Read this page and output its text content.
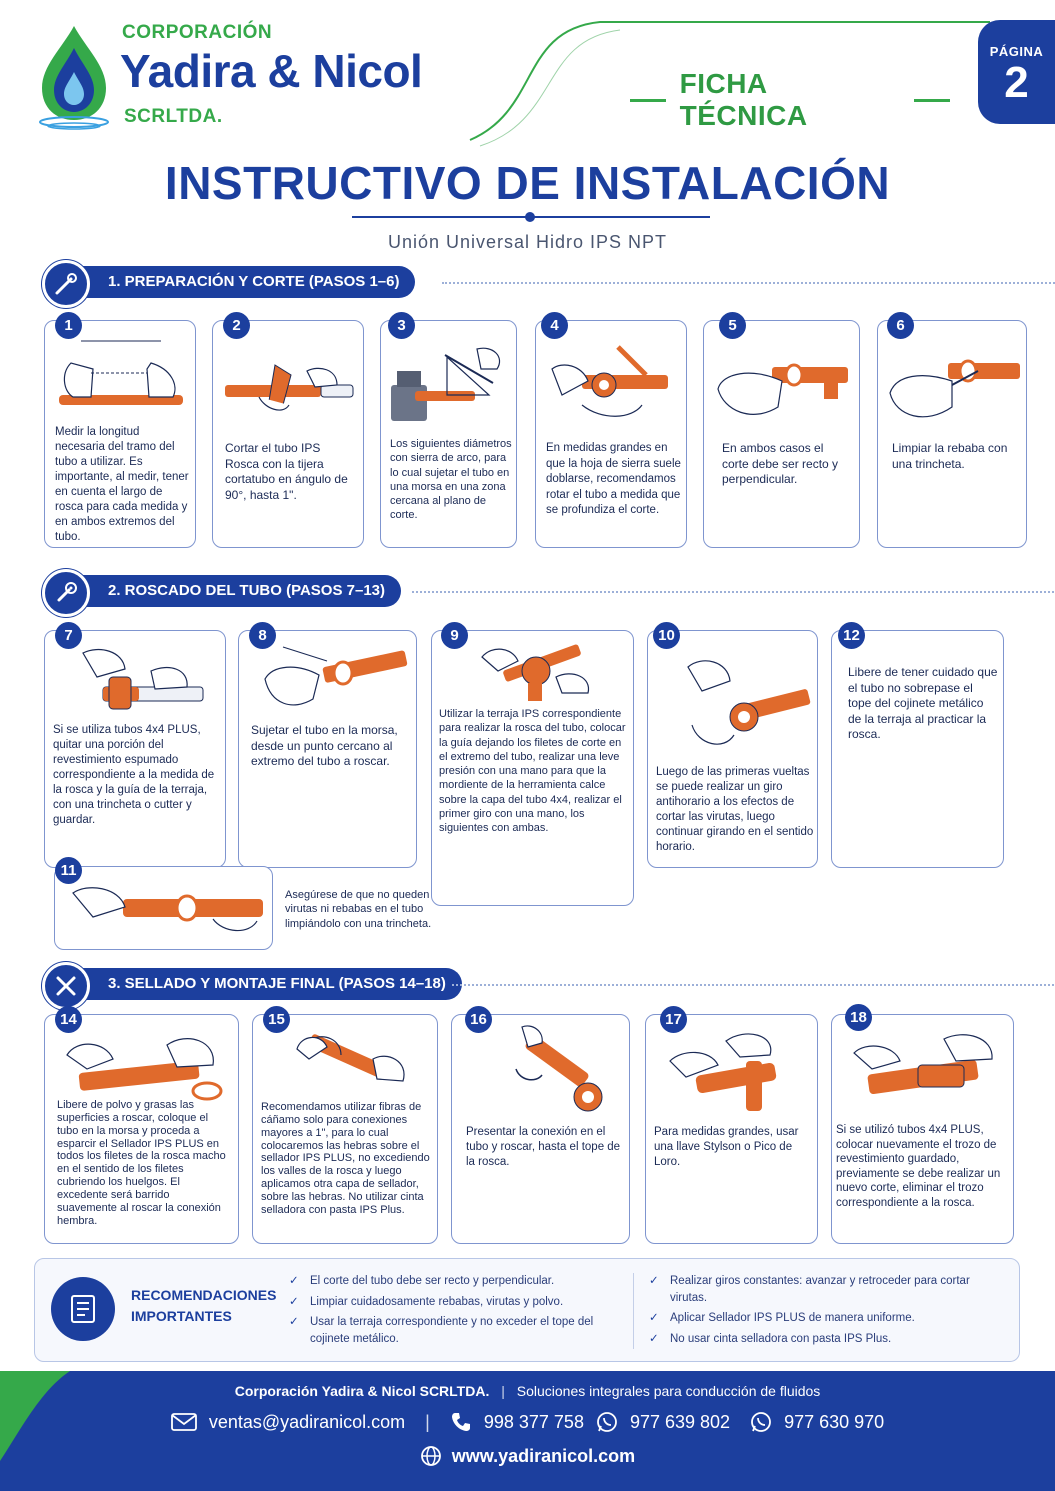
CORPORACIÓN
Yadira & Nicol
SCRLTDA.
FICHA TÉCNICA
PÁGINA
2
INSTRUCTIVO DE INSTALACIÓN
Unión Universal Hidro IPS NPT
1. PREPARACIÓN Y CORTE (PASOS 1–6)
Medir la longitud necesaria del tramo del tubo a utilizar. Es importante, al medir, tener en cuenta el largo de rosca para cada medida y en ambos extremos del tubo.
1
Cortar el tubo IPS Rosca con la tijera cortatubo en ángulo de 90°, hasta 1".
2
Los siguientes diámetros con sierra de arco, para lo cual sujetar el tubo en una morsa en una zona cercana al plano de corte.
3
En medidas grandes en que la hoja de sierra suele doblarse, recomendamos rotar el tubo a medida que se profundiza el corte.
4
En ambos casos el corte debe ser recto y perpendicular.
5
Limpiar la rebaba con una trincheta.
6
2. ROSCADO DEL TUBO (PASOS 7–13)
Si se utiliza tubos 4x4 PLUS, quitar una porción del revestimiento espumado correspondiente a la medida de la rosca y la guía de la terraja, con una trincheta o cutter y guardar.
7
Sujetar el tubo en la morsa, desde un punto cercano al extremo del tubo a roscar.
8
Utilizar la terraja IPS correspondiente para realizar la rosca del tubo, colocar la guía dejando los filetes de corte en el extremo del tubo, realizar una leve presión con una mano para que la mordiente de la herramienta calce sobre la capa del tubo 4x4, realizar el primer giro con una mano, los siguientes con ambas.
9
Luego de las primeras vueltas se puede realizar un giro antihorario a los efectos de cortar las virutas, luego continuar girando en el sentido horario.
10
Libere de tener cuidado que el tubo no sobrepase el tope del cojinete metálico de la terraja al practicar la rosca.
12
Asegúrese de que no queden virutas ni rebabas en el tubo limpiándolo con una trincheta.
11
3. SELLADO Y MONTAJE FINAL (PASOS 14–18)
Libere de polvo y grasas las superficies a roscar, coloque el tubo en la morsa y proceda a esparcir el Sellador IPS PLUS en todos los filetes de la rosca macho en el sentido de los filetes cubriendo los huelgos. El excedente será barrido suavemente al roscar la conexión hembra.
14
Recomendamos utilizar fibras de cáñamo solo para conexiones mayores a 1", para lo cual colocaremos las hebras sobre el sellador IPS PLUS, no excediendo los valles de la rosca y luego aplicamos otra capa de sellador, sobre las hebras. No utilizar cinta selladora con pasta IPS Plus.
15
Presentar la conexión en el tubo y roscar, hasta el tope de la rosca.
16
Para medidas grandes, usar una llave Stylson o Pico de Loro.
17
Si se utilizó tubos 4x4 PLUS, colocar nuevamente el trozo de revestimiento guardado, previamente se debe realizar un nuevo corte, eliminar el trozo correspondiente a la rosca.
18
RECOMENDACIONES
IMPORTANTES
✓ El corte del tubo debe ser recto y perpendicular.
✓ Limpiar cuidadosamente rebabas, virutas y polvo.
✓ Usar la terraja correspondiente y no exceder el tope del cojinete metálico.
✓ Realizar giros constantes: avanzar y retroceder para cortar virutas.
✓ Aplicar Sellador IPS PLUS de manera uniforme.
✓ No usar cinta selladora con pasta IPS Plus.
Corporación Yadira & Nicol SCRLTDA. | Soluciones integrales para conducción de fluidos
ventas@yadiranicol.com |	998 377 758	977 639 802	977 630 970
www.yadiranicol.com
